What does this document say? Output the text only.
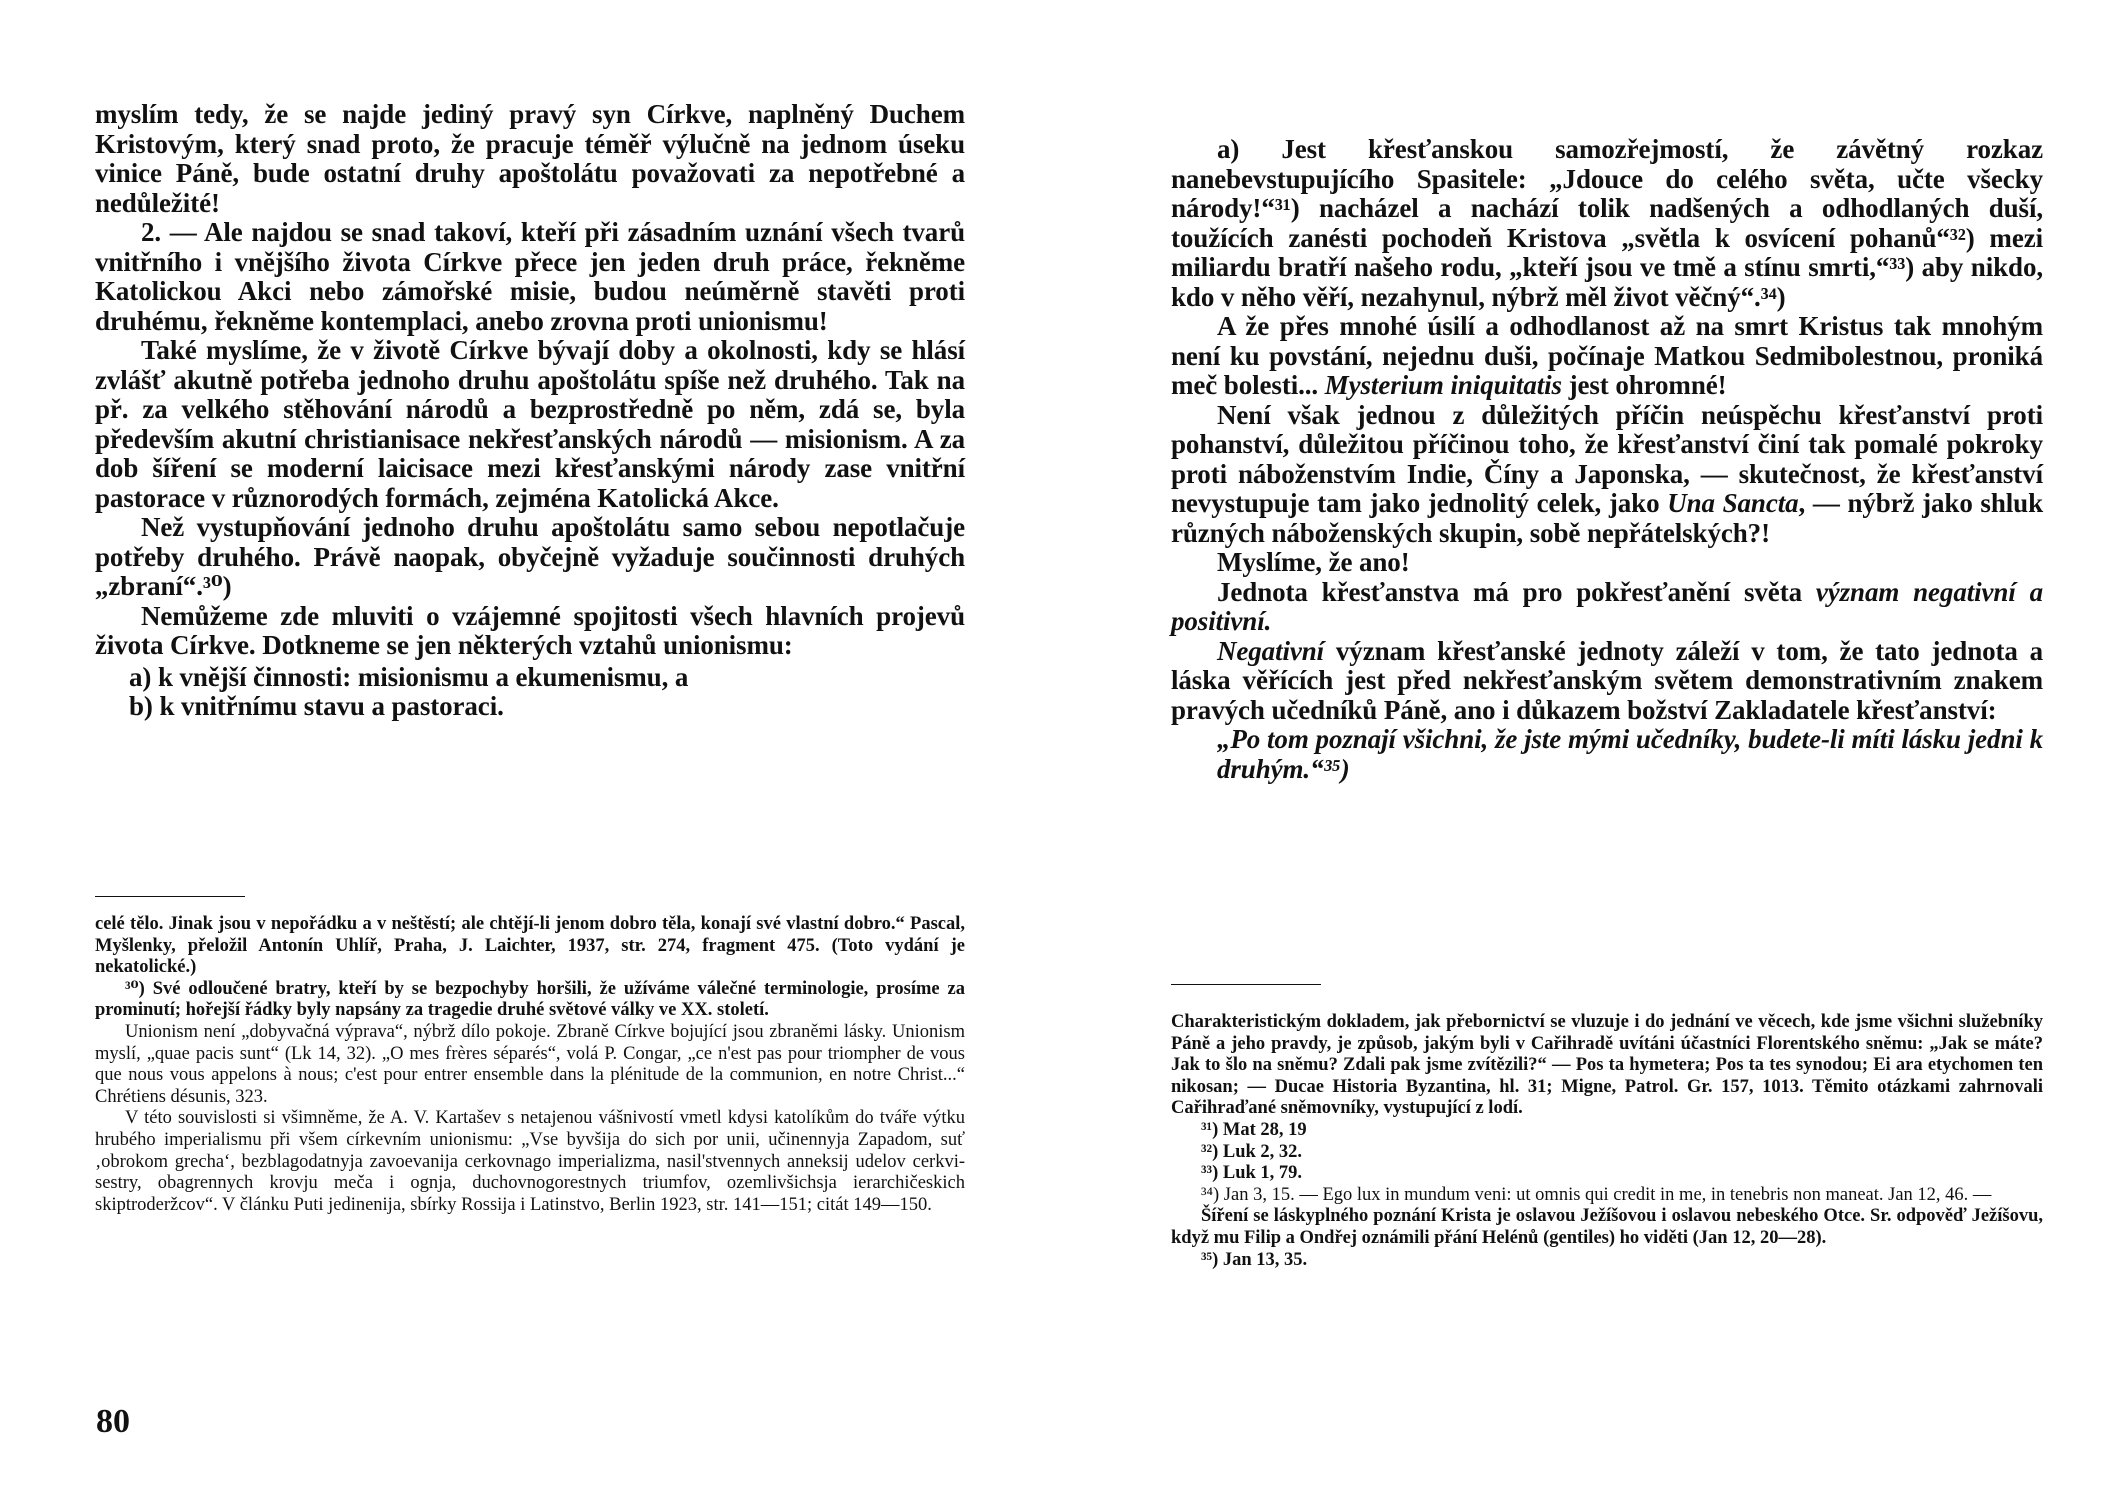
myslím tedy, že se najde jediný pravý syn Církve, naplněný Duchem Kristovým, který snad proto, že pracuje téměř výlučně na jednom úseku vinice Páně, bude ostatní druhy apoštolátu považovati za nepotřebné a nedůležité!

2. — Ale najdou se snad takoví, kteří při zásadním uznání všech tvarů vnitřního i vnějšího života Církve přece jen jeden druh práce, řekněme Katolickou Akci nebo zámořské misie, budou neúměrně stavěti proti druhému, řekněme kontemplaci, anebo zrovna proti unionismu!

Také myslíme, že v životě Církve bývají doby a okolnosti, kdy se hlásí zvlášť akutně potřeba jednoho druhu apoštolátu spíše než druhého. Tak na př. za velkého stěhování národů a bezprostředně po něm, zdá se, byla především akutní christianisace nekřesťanských národů — misionism. A za dob šíření se moderní laicisace mezi křesťanskými národy zase vnitřní pastorace v různorodých formách, zejména Katolická Akce.

Než vystupňování jednoho druhu apoštolátu samo sebou nepotlačuje potřeby druhého. Právě naopak, obyčejně vyžaduje součinnosti druhých „zbraní“.³⁰)

Nemůžeme zde mluviti o vzájemné spojitosti všech hlavních projevů života Církve. Dotkneme se jen některých vztahů unionismu:

a) k vnější činnosti: misionismu a ekumenismu, a

b) k vnitřnímu stavu a pastoraci.

celé tělo. Jinak jsou v nepořádku a v neštěstí; ale chtějí-li jenom dobro těla, konají své vlastní dobro.“ Pascal, Myšlenky, přeložil Antonín Uhlíř, Praha, J. Laichter, 1937, str. 274, fragment 475. (Toto vydání je nekatolické.)

³⁰) Své odloučené bratry, kteří by se bezpochyby horšili, že užíváme válečné terminologie, prosíme za prominutí; hořejší řádky byly napsány za tragedie druhé světové války ve XX. století.

Unionism není „dobyvačná výprava“, nýbrž dílo pokoje. Zbraně Církve bojující jsou zbraněmi lásky. Unionism myslí, „quae pacis sunt“ (Lk 14, 32). „O mes frères séparés“, volá P. Congar, „ce n'est pas pour triompher de vous que nous vous appelons à nous; c'est pour entrer ensemble dans la plénitude de la communion, en notre Christ...“ Chrétiens désunis, 323.

V této souvislosti si všimněme, že A. V. Kartašev s netajenou vášnivostí vmetl kdysi katolíkům do tváře výtku hrubého imperialismu při všem církevním unionismu: „Vse byvšija do sich por unii, učinennyja Zapadom, suť ‚obrokom grecha‘, bezblagodatnyja zavoevanija cerkovnago imperializma, nasil'stvennych anneksij udelov cerkvi-sestry, obagrennych krovju meča i ognja, duchovnogorestnych triumfov, ozemlivšichsja ierarchičeskich skiptroderžcov“. V článku Puti jedinenija, sbírky Rossija i Latinstvo, Berlin 1923, str. 141—151; citát 149—150.

80

a) Jest křesťanskou samozřejmostí, že závětný rozkaz nanebevstupujícího Spasitele: „Jdouce do celého světa, učte všecky národy!“³¹) nacházel a nachází tolik nadšených a odhodlaných duší, toužících zanésti pochodeň Kristova „světla k osvícení pohanů“³²) mezi miliardu bratří našeho rodu, „kteří jsou ve tmě a stínu smrti,“³³) aby nikdo, kdo v něho věří, nezahynul, nýbrž měl život věčný“.³⁴)

A že přes mnohé úsilí a odhodlanost až na smrt Kristus tak mnohým není ku povstání, nejednu duši, počínaje Matkou Sedmibolestnou, proniká meč bolesti... Mysterium iniquitatis jest ohromné!

Není však jednou z důležitých příčin neúspěchu křesťanství proti pohanství, důležitou příčinou toho, že křesťanství činí tak pomalé pokroky proti náboženstvím Indie, Číny a Japonska, — skutečnost, že křesťanství nevystupuje tam jako jednolitý celek, jako Una Sancta, — nýbrž jako shluk různých náboženských skupin, sobě nepřátelských?!

Myslíme, že ano!

Jednota křesťanstva má pro pokřesťanění světa význam negativní a positivní.

Negativní význam křesťanské jednoty záleží v tom, že tato jednota a láska věřících jest před nekřesťanským světem demonstrativním znakem pravých učedníků Páně, ano i důkazem božství Zakladatele křesťanství:

„Po tom poznají všichni, že jste mými učedníky, budete-li míti lásku jedni k druhým.“³⁵)

Charakteristickým dokladem, jak přebornictví se vluzuje i do jednání ve věcech, kde jsme všichni služebníky Páně a jeho pravdy, je způsob, jakým byli v Cařihradě uvítáni účastníci Florentského sněmu: „Jak se máte? Jak to šlo na sněmu? Zdali pak jsme zvítězili?“ — Pos ta hymetera; Pos ta tes synodou; Ei ara etychomen ten nikosan; — Ducae Historia Byzantina, hl. 31; Migne, Patrol. Gr. 157, 1013. Těmito otázkami zahrnovali Cařihraďané sněmovníky, vystupující z lodí.

³¹) Mat 28, 19

³²) Luk 2, 32.

³³) Luk 1, 79.

³⁴) Jan 3, 15. — Ego lux in mundum veni: ut omnis qui credit in me, in tenebris non maneat. Jan 12, 46. —

Šíření se láskyplného poznání Krista je oslavou Ježíšovou i oslavou nebeského Otce. Sr. odpověď Ježíšovu, když mu Filip a Ondřej oznámili přání Helénů (gentiles) ho viděti (Jan 12, 20—28).

³⁵) Jan 13, 35.
